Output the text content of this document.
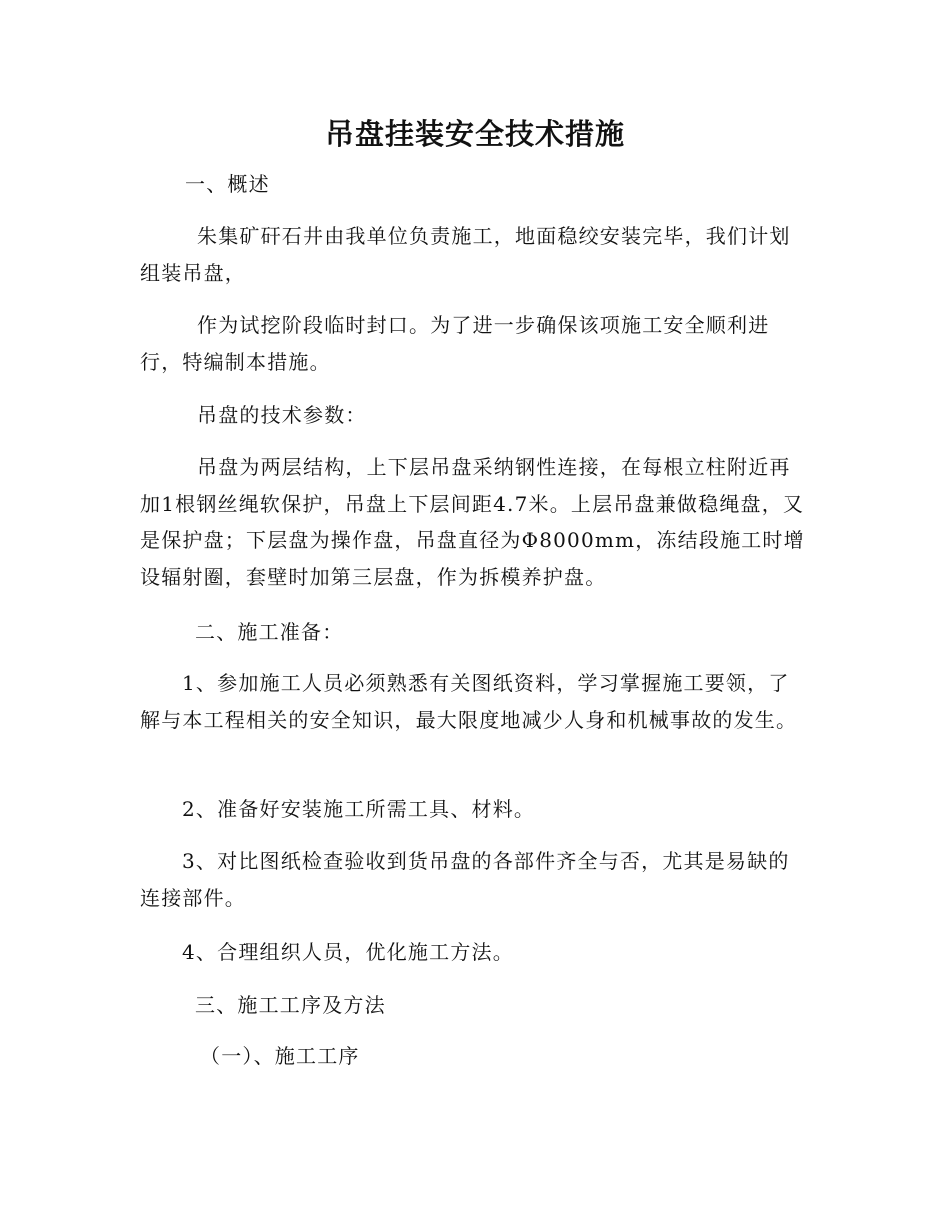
吊盘挂装安全技术措施

一、概述

朱集矿矸石井由我单位负责施工，地面稳绞安装完毕，我们计划组装吊盘，

作为试挖阶段临时封口。为了进一步确保该项施工安全顺利进行，特编制本措施。

吊盘的技术参数：

吊盘为两层结构，上下层吊盘采纳钢性连接，在每根立柱附近再加1根钢丝绳软保护，吊盘上下层间距4.7米。上层吊盘兼做稳绳盘，又是保护盘；下层盘为操作盘，吊盘直径为Φ8000mm，冻结段施工时增设辐射圈，套壁时加第三层盘，作为拆模养护盘。

二、施工准备：

1、参加施工人员必须熟悉有关图纸资料，学习掌握施工要领，了解与本工程相关的安全知识，最大限度地减少人身和机械事故的发生。

2、准备好安装施工所需工具、材料。

3、对比图纸检查验收到货吊盘的各部件齐全与否，尤其是易缺的连接部件。

4、合理组织人员，优化施工方法。

三、施工工序及方法

（一）、施工工序
